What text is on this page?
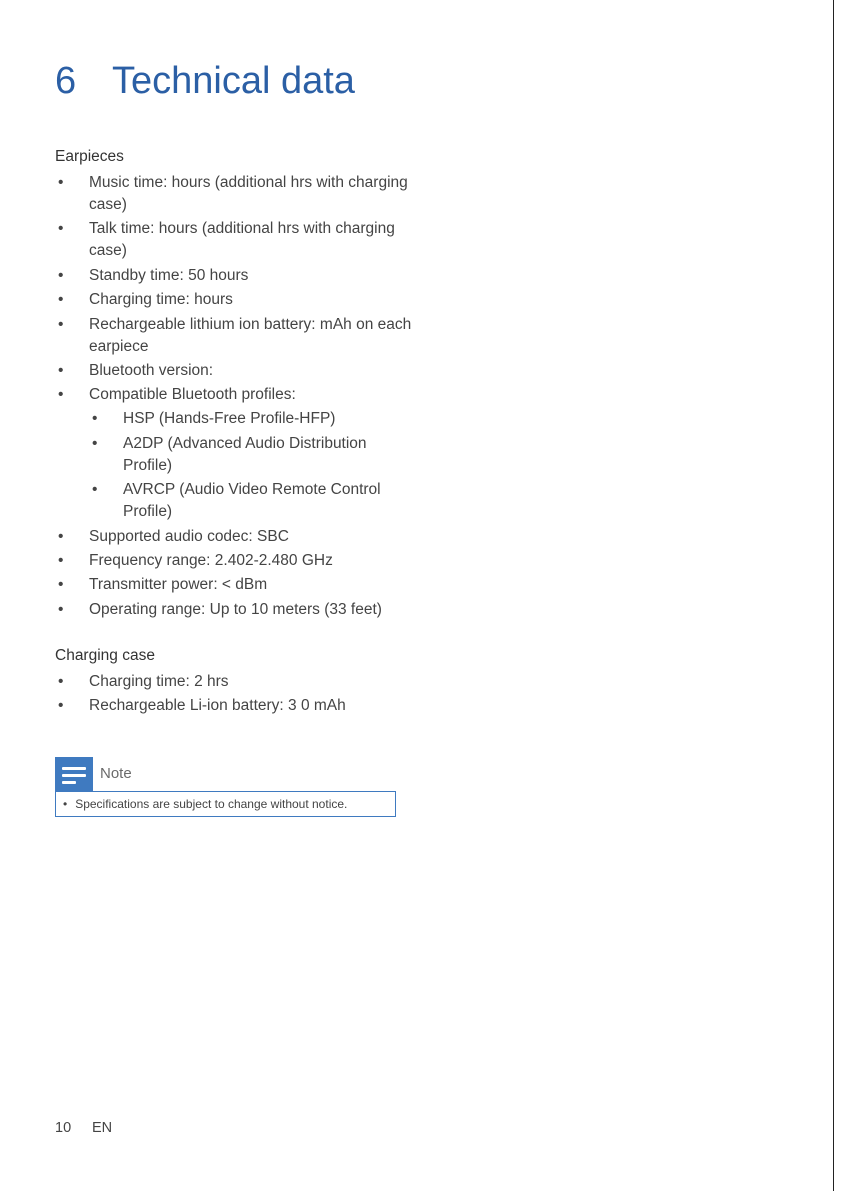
6 Technical data
Earpieces
• Music time: hours (additional hrs with charging case)
• Talk time: hours (additional hrs with charging case)
• Standby time: 50 hours
• Charging time: hours
• Rechargeable lithium ion battery: mAh on each earpiece
• Bluetooth version:
• Compatible Bluetooth profiles:
• HSP (Hands-Free Profile-HFP)
• A2DP (Advanced Audio Distribution Profile)
• AVRCP (Audio Video Remote Control Profile)
• Supported audio codec: SBC
• Frequency range: 2.402-2.480 GHz
• Transmitter power: < dBm
• Operating range: Up to 10 meters (33 feet)
Charging case
• Charging time: 2 hrs
• Rechargeable Li-ion battery: 3 0 mAh
Note
• Specifications are subject to change without notice.
10 EN
